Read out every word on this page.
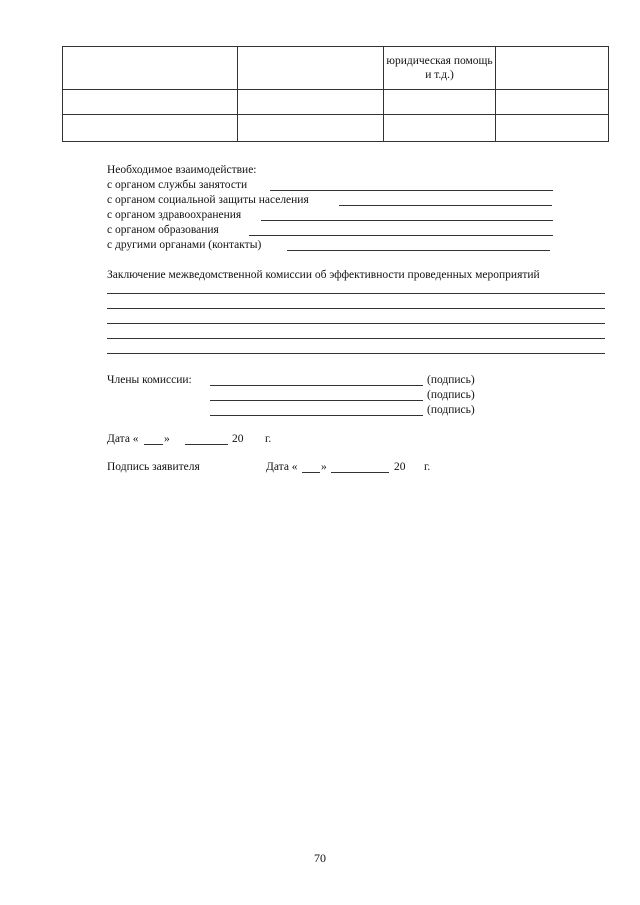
		юридическая помощь и т.д.)	

Необходимое взаимодействие:
с органом службы занятости
с органом социальной защиты населения
с органом здравоохранения
с органом образования
с другими органами (контакты)
Заключение межведомственной комиссии об эффективности проведенных мероприятий
Члены комиссии:	(подпись)
(подпись)
(подпись)
Дата « »	20 г.
Подпись заявителя	Дата « »	20 г.
70
